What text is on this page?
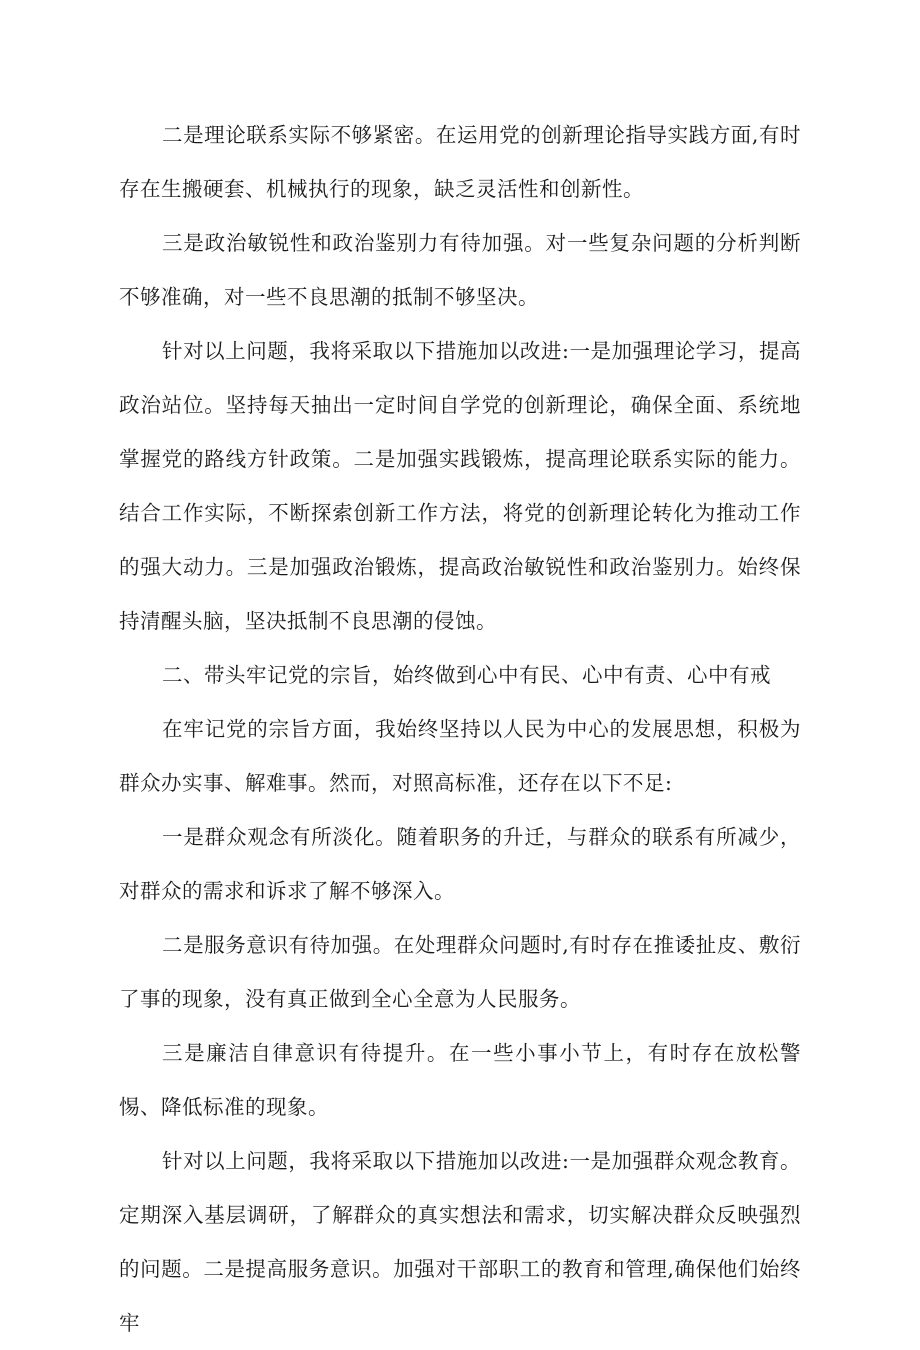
二是理论联系实际不够紧密。在运用党的创新理论指导实践方面,有时存在生搬硬套、机械执行的现象，缺乏灵活性和创新性。

三是政治敏锐性和政治鉴别力有待加强。对一些复杂问题的分析判断不够准确，对一些不良思潮的抵制不够坚决。

针对以上问题，我将采取以下措施加以改进:一是加强理论学习，提高政治站位。坚持每天抽出一定时间自学党的创新理论，确保全面、系统地掌握党的路线方针政策。二是加强实践锻炼，提高理论联系实际的能力。结合工作实际，不断探索创新工作方法，将党的创新理论转化为推动工作的强大动力。三是加强政治锻炼，提高政治敏锐性和政治鉴别力。始终保持清醒头脑，坚决抵制不良思潮的侵蚀。

二、带头牢记党的宗旨，始终做到心中有民、心中有责、心中有戒

在牢记党的宗旨方面，我始终坚持以人民为中心的发展思想，积极为群众办实事、解难事。然而，对照高标准，还存在以下不足:

一是群众观念有所淡化。随着职务的升迁，与群众的联系有所减少，对群众的需求和诉求了解不够深入。

二是服务意识有待加强。在处理群众问题时,有时存在推诿扯皮、敷衍了事的现象，没有真正做到全心全意为人民服务。

三是廉洁自律意识有待提升。在一些小事小节上，有时存在放松警惕、降低标准的现象。

针对以上问题，我将采取以下措施加以改进:一是加强群众观念教育。定期深入基层调研，了解群众的真实想法和需求，切实解决群众反映强烈的问题。二是提高服务意识。加强对干部职工的教育和管理,确保他们始终牢
